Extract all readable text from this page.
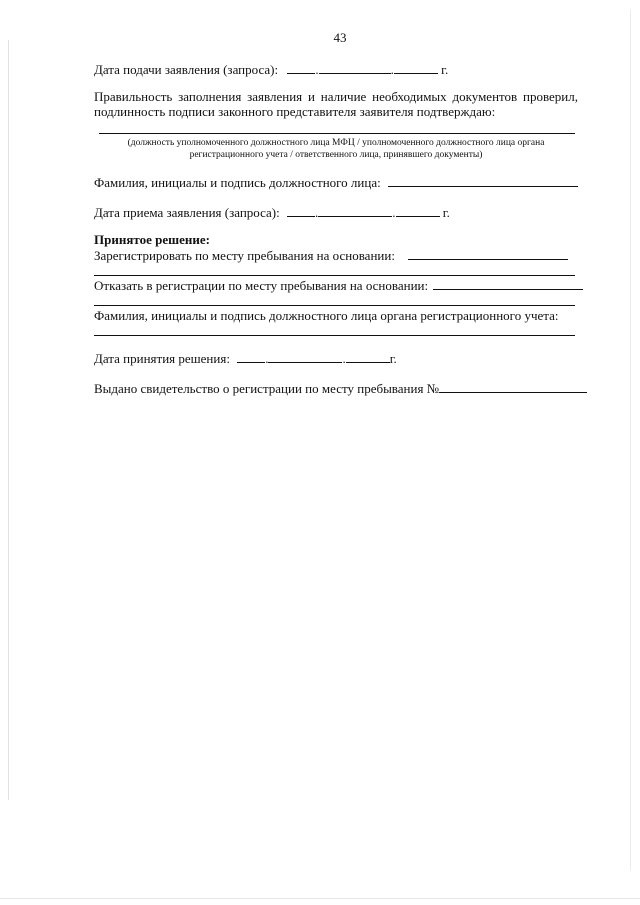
43
Дата подачи заявления (запроса):	.	.	г.
Правильность заполнения заявления и наличие необходимых документов проверил,
подлинность подписи законного представителя заявителя подтверждаю:
(должность уполномоченного должностного лица МФЦ / уполномоченного должностного лица органа
регистрационного учета / ответственного лица, принявшего документы)
Фамилия, инициалы и подпись должностного лица:
Дата приема заявления (запроса):	.	.	г.
Принятое решение:
Зарегистрировать по месту пребывания на основании:
Отказать в регистрации по месту пребывания на основании:
Фамилия, инициалы и подпись должностного лица органа регистрационного учета:
Дата принятия решения:	.	.	г.
Выдано свидетельство о регистрации по месту пребывания №
